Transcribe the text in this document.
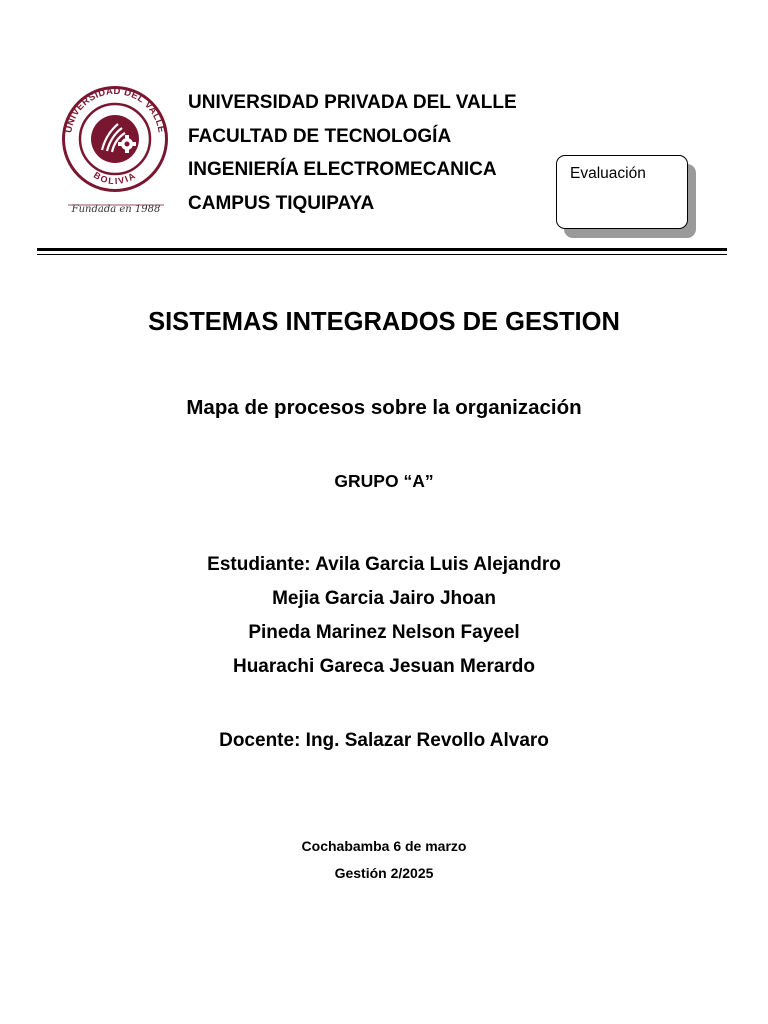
UNIVERSIDAD DEL VALLE
BOLIVIA
Fundada en 1988
UNIVERSIDAD PRIVADA DEL VALLE
FACULTAD DE TECNOLOGÍA
INGENIERÍA ELECTROMECANICA
CAMPUS TIQUIPAYA
Evaluación
SISTEMAS INTEGRADOS DE GESTION
Mapa de procesos sobre la organización
GRUPO “A”
Estudiante: Avila Garcia Luis Alejandro
Mejia Garcia Jairo Jhoan
Pineda Marinez Nelson Fayeel
Huarachi Gareca Jesuan Merardo
Docente: Ing. Salazar Revollo Alvaro
Cochabamba 6 de marzo
Gestión 2/2025
